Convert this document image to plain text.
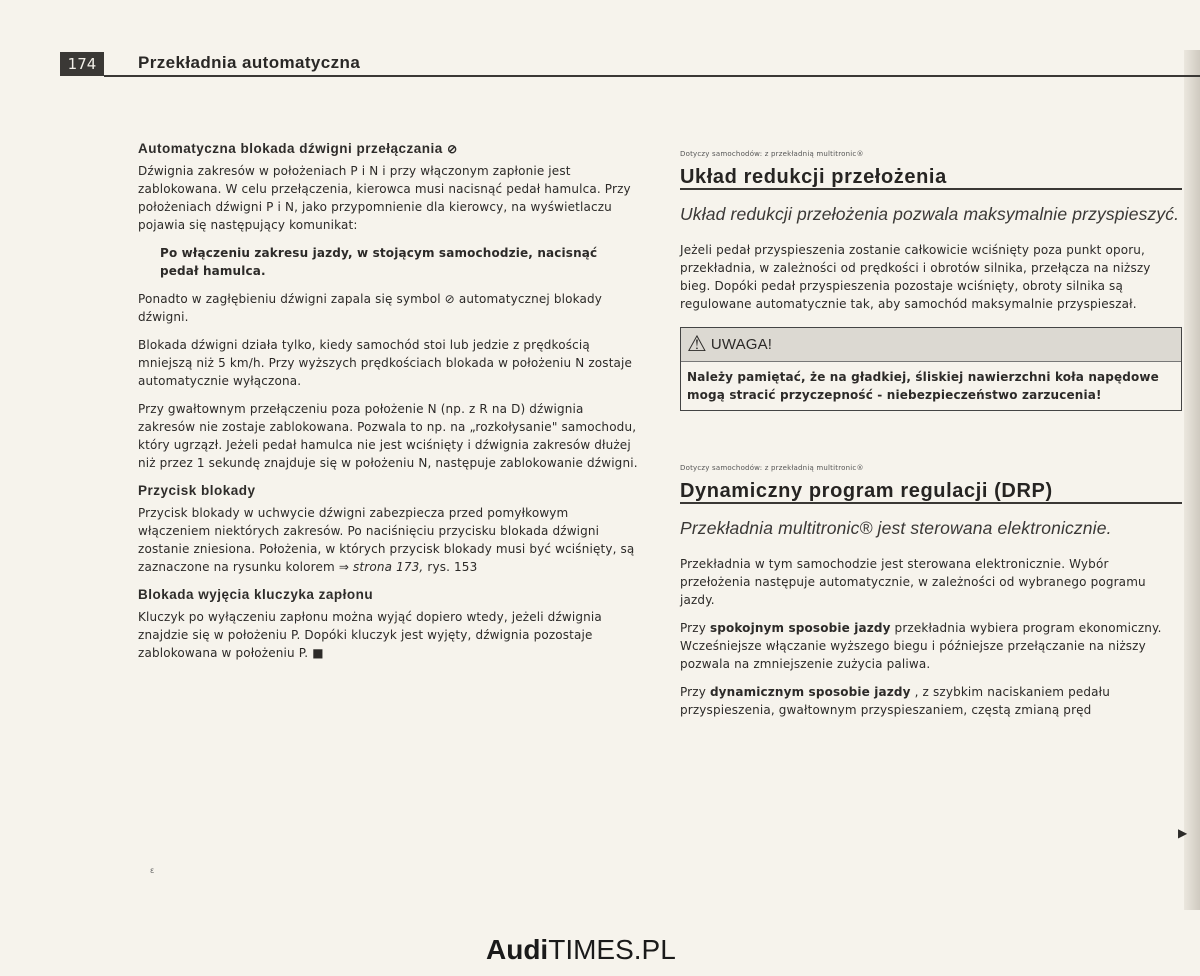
174	Przekładnia automatyczna
Automatyczna blokada dźwigni przełączania ⊘

Dźwignia zakresów w położeniach P i N i przy włączonym zapłonie jest zablokowana. W celu przełączenia, kierowca musi nacisnąć pedał hamulca. Przy położeniach dźwigni P i N, jako przypomnienie dla kierowcy, na wyświetlaczu pojawia się następujący komunikat:

Po włączeniu zakresu jazdy, w stojącym samochodzie, nacisnąć pedał hamulca.

Ponadto w zagłębieniu dźwigni zapala się symbol ⊘ automatycznej blokady dźwigni.

Blokada dźwigni działa tylko, kiedy samochód stoi lub jedzie z prędkością mniejszą niż 5 km/h. Przy wyższych prędkościach blokada w położeniu N zostaje automatycznie wyłączona.

Przy gwałtownym przełączeniu poza położenie N (np. z R na D) dźwignia zakresów nie zostaje zablokowana. Pozwala to np. na „rozkołysanie" samochodu, który ugrzązł. Jeżeli pedał hamulca nie jest wciśnięty i dźwignia zakresów dłużej niż przez 1 sekundę znajduje się w położeniu N, następuje zablokowanie dźwigni.

Przycisk blokady

Przycisk blokady w uchwycie dźwigni zabezpiecza przed pomyłkowym włączeniem niektórych zakresów. Po naciśnięciu przycisku blokada dźwigni zostanie zniesiona. Położenia, w których przycisk blokady musi być wciśnięty, są zaznaczone na rysunku kolorem ⇒ strona 173, rys. 153

Blokada wyjęcia kluczyka zapłonu

Kluczyk po wyłączeniu zapłonu można wyjąć dopiero wtedy, jeżeli dźwignia znajdzie się w położeniu P. Dopóki kluczyk jest wyjęty, dźwignia pozostaje zablokowana w położeniu P. ■

Dotyczy samochodów: z przekładnią multitronic®
Układ redukcji przełożenia
Układ redukcji przełożenia pozwala maksymalnie przyspieszyć.

Jeżeli pedał przyspieszenia zostanie całkowicie wciśnięty poza punkt oporu, przekładnia, w zależności od prędkości i obrotów silnika, przełącza na niższy bieg. Dopóki pedał przyspieszenia pozostaje wciśnięty, obroty silnika są regulowane automatycznie tak, aby samochód maksymalnie przyspieszał.

⚠ UWAGA!
Należy pamiętać, że na gładkiej, śliskiej nawierzchni koła napędowe mogą stracić przyczepność - niebezpieczeństwo zarzucenia!
Dotyczy samochodów: z przekładnią multitronic®
Dynamiczny program regulacji (DRP)
Przekładnia multitronic® jest sterowana elektronicznie.

Przekładnia w tym samochodzie jest sterowana elektronicznie. Wybór przełożenia następuje automatycznie, w zależności od wybranego pogramu jazdy.

Przy spokojnym sposobie jazdy przekładnia wybiera program ekonomiczny. Wcześniejsze włączanie wyższego biegu i późniejsze przełączanie na niższy pozwala na zmniejszenie zużycia paliwa.

Przy dynamicznym sposobie jazdy , z szybkim naciskaniem pedału przyspieszenia, gwałtownym przyspieszaniem, częstą zmianą pręd

▶
ɛ
AudiTIMES.PL
